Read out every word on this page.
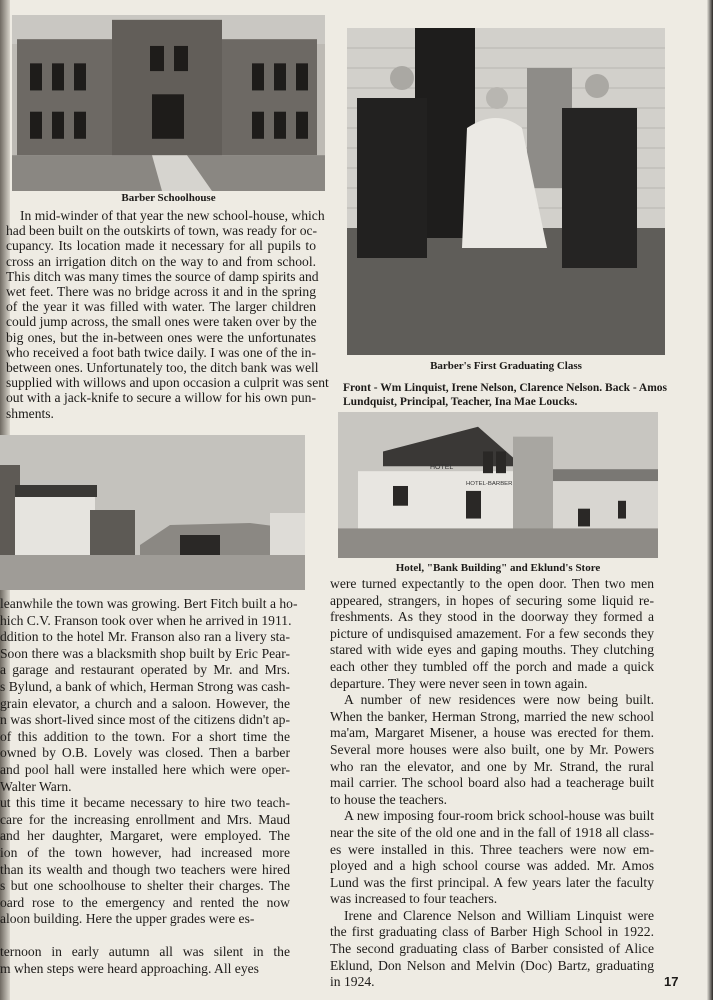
Barber Schoolhouse
In mid-winder of that year the new school-house, which
had been built on the outskirts of town, was ready for oc-
cupancy. Its location made it necessary for all pupils to
cross an irrigation ditch on the way to and from school.
This ditch was many times the source of damp spirits and
wet feet. There was no bridge across it and in the spring
of the year it was filled with water. The larger children
could jump across, the small ones were taken over by the
big ones, but the in-between ones were the unfortunates
who received a foot bath twice daily. I was one of the in-
between ones. Unfortunately too, the ditch bank was well
supplied with willows and upon occasion a culprit was sent
out with a jack-knife to secure a willow for his own pun-
shments.
leanwhile the town was growing. Bert Fitch built a ho-
hich C.V. Franson took over when he arrived in 1911.
ddition to the hotel Mr. Franson also ran a livery sta-
Soon there was a blacksmith shop built by Eric Pear-
a garage and restaurant operated by Mr. and Mrs.
s Bylund, a bank of which, Herman Strong was cash-
grain elevator, a church and a saloon. However, the
n was short-lived since most of the citizens didn't ap-
of this addition to the town. For a short time the
owned by O.B. Lovely was closed. Then a barber
and pool hall were installed here which were oper-
Walter Warn.
ut this time it became necessary to hire two teach-
care for the increasing enrollment and Mrs. Maud
and her daughter, Margaret, were employed. The
ion of the town however, had increased more
than its wealth and though two teachers were hired
s but one schoolhouse to shelter their charges. The
oard rose to the emergency and rented the now
aloon building. Here the upper grades were es-
ternoon in early autumn all was silent in the
m when steps were heard approaching. All eyes
Barber's First Graduating Class
Front - Wm Linquist, Irene Nelson, Clarence Nelson. Back - Amos
Lundquist, Principal, Teacher, Ina Mae Loucks.
HOTEL
HOTEL-BARBER
Hotel, "Bank Building" and Eklund's Store
were turned expectantly to the open door. Then two men
appeared, strangers, in hopes of securing some liquid re-
freshments. As they stood in the doorway they formed a
picture of undisquised amazement. For a few seconds they
stared with wide eyes and gaping mouths. They clutching
each other they tumbled off the porch and made a quick
departure. They were never seen in town again.
A number of new residences were now being built.
When the banker, Herman Strong, married the new school
ma'am, Margaret Misener, a house was erected for them.
Several more houses were also built, one by Mr. Powers
who ran the elevator, and one by Mr. Strand, the rural
mail carrier. The school board also had a teacherage built
to house the teachers.
A new imposing four-room brick school-house was built
near the site of the old one and in the fall of 1918 all class-
es were installed in this. Three teachers were now em-
ployed and a high school course was added. Mr. Amos
Lund was the first principal. A few years later the faculty
was increased to four teachers.
Irene and Clarence Nelson and William Linquist were
the first graduating class of Barber High School in 1922.
The second graduating class of Barber consisted of Alice
Eklund, Don Nelson and Melvin (Doc) Bartz, graduating
in 1924.	17
